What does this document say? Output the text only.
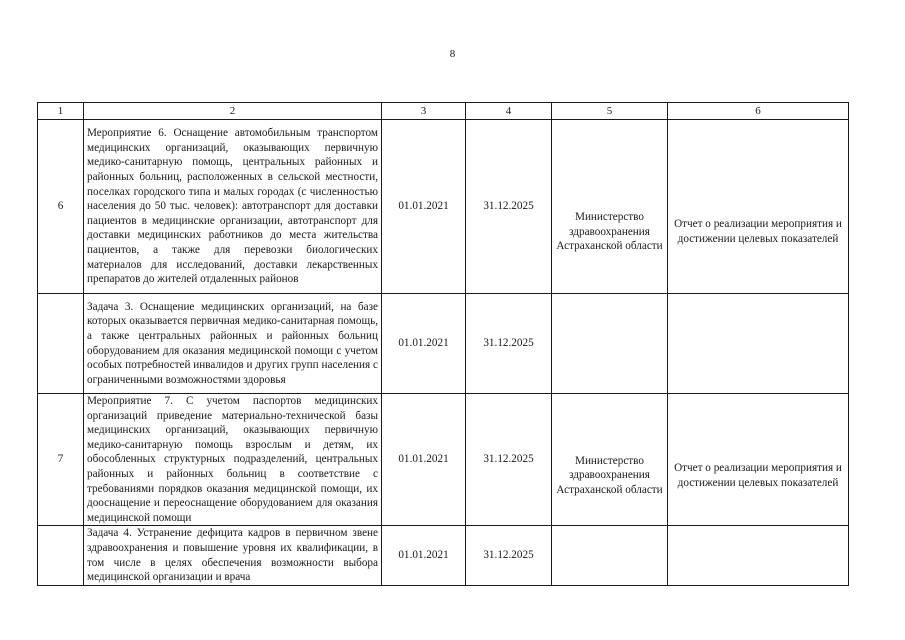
8
1	2	3	4	5	6
6	Мероприятие 6. Оснащение автомобильным транспортом медицинских организаций, оказывающих первичную медико-санитарную помощь, центральных районных и районных больниц, расположенных в сельской местности, поселках городского типа и малых городах (с численностью населения до 50 тыс. человек): автотранспорт для доставки пациентов в медицинские организации, автотранспорт для доставки медицинских работников до места жительства пациентов, а также для перевозки биологических материалов для исследований, доставки лекарственных препаратов до жителей отдаленных районов	01.01.2021	31.12.2025	Министерство здравоохранения Астраханской области	Отчет о реализации мероприятия и достижении целевых показателей

	Задача 3. Оснащение медицинских организаций, на базе которых оказывается первичная медико-санитарная помощь, а также центральных районных и районных больниц оборудованием для оказания медицинской помощи с учетом особых потребностей инвалидов и других групп населения с ограниченными возможностями здоровья	01.01.2021	31.12.2025		
7	Мероприятие 7. С учетом паспортов медицинских организаций приведение материально-технической базы медицинских организаций, оказывающих первичную медико-санитарную помощь взрослым и детям, их обособленных структурных подразделений, центральных районных и районных больниц в соответствие с требованиями порядков оказания медицинской помощи, их дооснащение и переоснащение оборудованием для оказания медицинской помощи	01.01.2021	31.12.2025	Министерство здравоохранения Астраханской области	Отчет о реализации мероприятия и достижении целевых показателей

	Задача 4. Устранение дефицита кадров в первичном звене здравоохранения и повышение уровня их квалификации, в том числе в целях обеспечения возможности выбора медицинской организации и врача	01.01.2021	31.12.2025		
